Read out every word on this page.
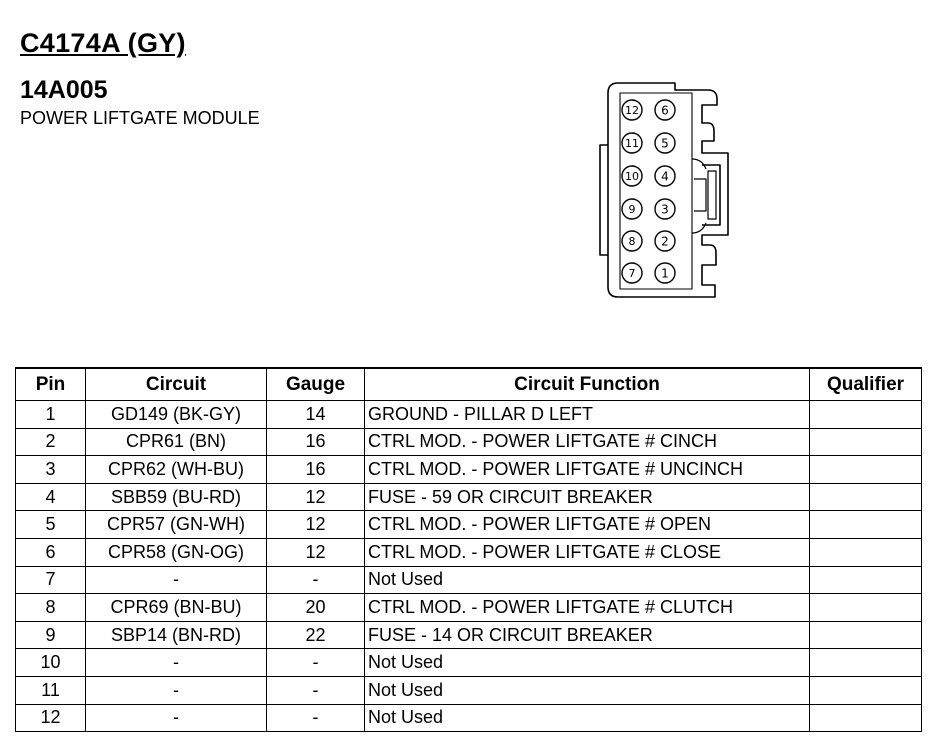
C4174A (GY)
14A005
POWER LIFTGATE MODULE	12
11
10
9
8
7
6
5
4
3
2
1
Pin	Circuit	Gauge	Circuit Function	Qualifier
1	GD149 (BK-GY)	14	GROUND - PILLAR D LEFT	
2	CPR61 (BN)	16	CTRL MOD. - POWER LIFTGATE # CINCH	
3	CPR62 (WH-BU)	16	CTRL MOD. - POWER LIFTGATE # UNCINCH	
4	SBB59 (BU-RD)	12	FUSE - 59 OR CIRCUIT BREAKER	
5	CPR57 (GN-WH)	12	CTRL MOD. - POWER LIFTGATE # OPEN	
6	CPR58 (GN-OG)	12	CTRL MOD. - POWER LIFTGATE # CLOSE	
7	-	-	Not Used	
8	CPR69 (BN-BU)	20	CTRL MOD. - POWER LIFTGATE # CLUTCH	
9	SBP14 (BN-RD)	22	FUSE - 14 OR CIRCUIT BREAKER	
10	-	-	Not Used	
11	-	-	Not Used	
12	-	-	Not Used	
